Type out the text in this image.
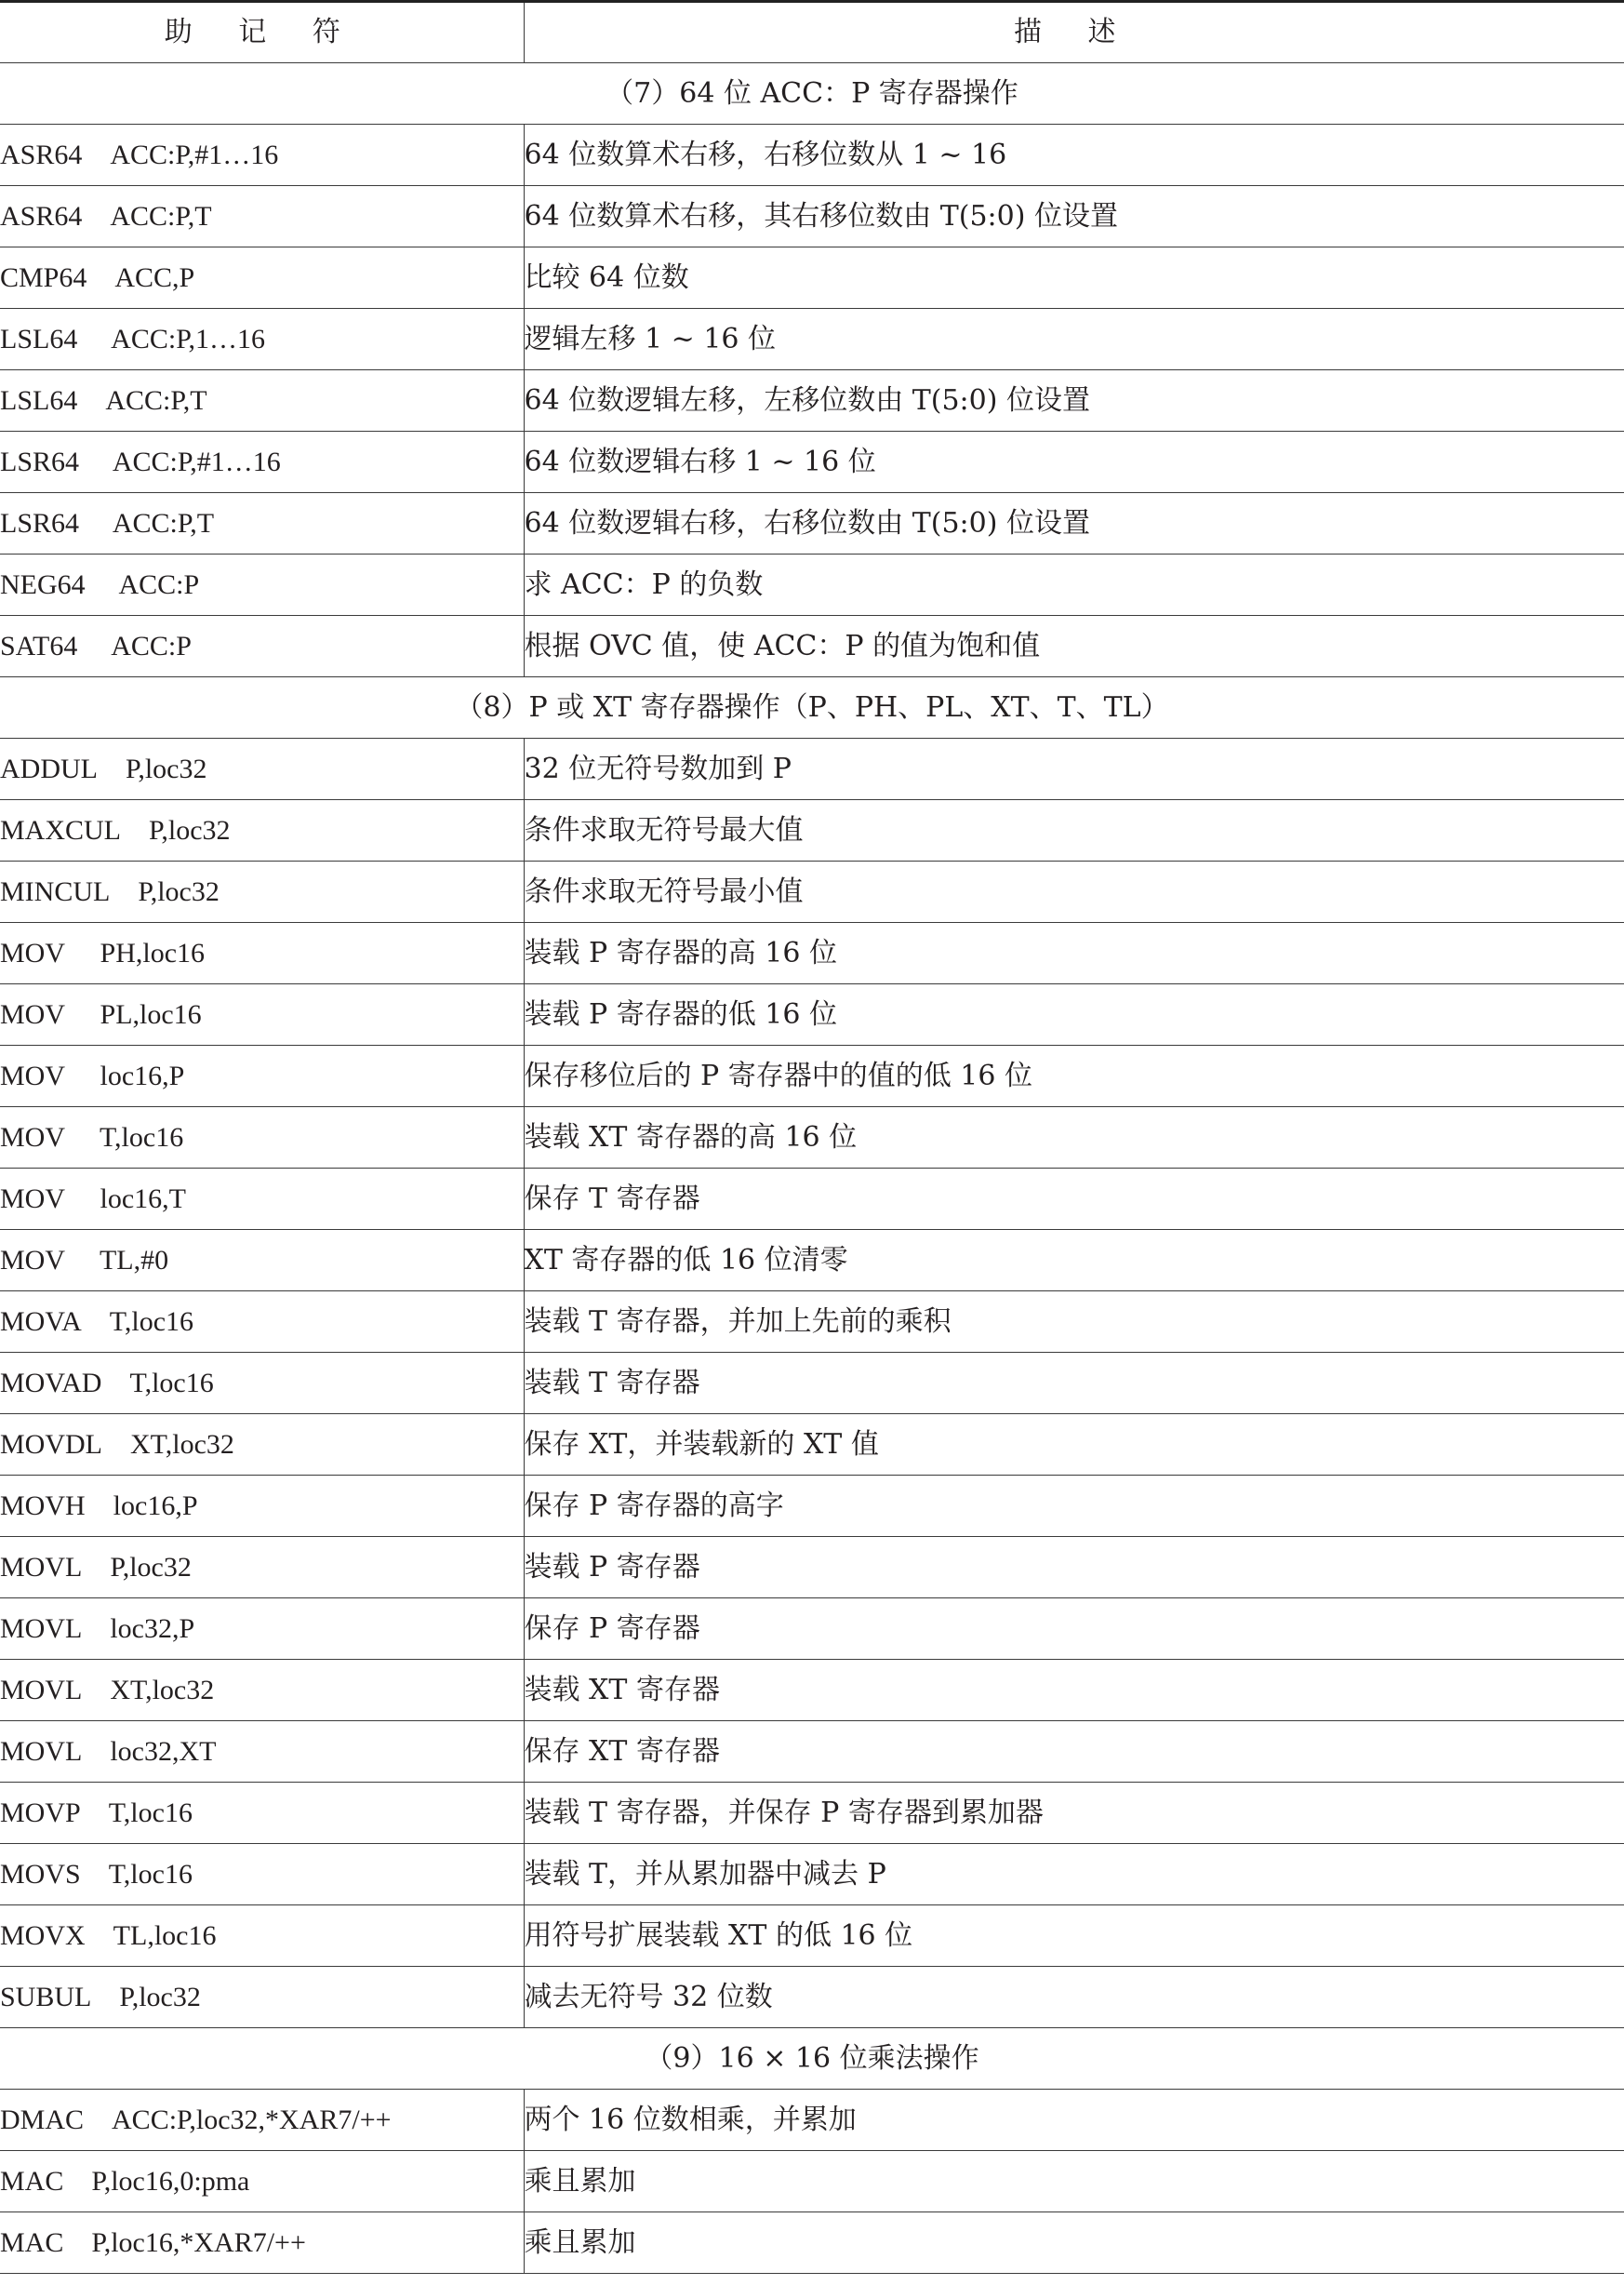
助 记 符	描 述
（7）64 位 ACC：P 寄存器操作	
ASR64 ACC:P,#1…16	64 位数算术右移，右移位数从 1 ~ 16
ASR64 ACC:P,T	64 位数算术右移，其右移位数由 T(5:0) 位设置
CMP64 ACC,P	比较 64 位数
LSL64  ACC:P,1…16	逻辑左移 1 ~ 16 位
LSL64 ACC:P,T	64 位数逻辑左移，左移位数由 T(5:0) 位设置
LSR64  ACC:P,#1…16	64 位数逻辑右移 1 ~ 16 位
LSR64  ACC:P,T	64 位数逻辑右移，右移位数由 T(5:0) 位设置
NEG64  ACC:P	求 ACC：P 的负数
SAT64  ACC:P	根据 OVC 值，使 ACC：P 的值为饱和值
（8）P 或 XT 寄存器操作（P、PH、PL、XT、T、TL）	
ADDUL P,loc32	32 位无符号数加到 P
MAXCUL P,loc32	条件求取无符号最大值
MINCUL P,loc32	条件求取无符号最小值
MOV  PH,loc16	装载 P 寄存器的高 16 位
MOV  PL,loc16	装载 P 寄存器的低 16 位
MOV  loc16,P	保存移位后的 P 寄存器中的值的低 16 位
MOV  T,loc16	装载 XT 寄存器的高 16 位
MOV  loc16,T	保存 T 寄存器
MOV  TL,#0	XT 寄存器的低 16 位清零
MOVA T,loc16	装载 T 寄存器，并加上先前的乘积
MOVAD T,loc16	装载 T 寄存器
MOVDL XT,loc32	保存 XT，并装载新的 XT 值
MOVH loc16,P	保存 P 寄存器的高字
MOVL P,loc32	装载 P 寄存器
MOVL loc32,P	保存 P 寄存器
MOVL XT,loc32	装载 XT 寄存器
MOVL loc32,XT	保存 XT 寄存器
MOVP T,loc16	装载 T 寄存器，并保存 P 寄存器到累加器
MOVS T,loc16	装载 T，并从累加器中减去 P
MOVX TL,loc16	用符号扩展装载 XT 的低 16 位
SUBUL P,loc32	减去无符号 32 位数
（9）16 × 16 位乘法操作	
DMAC ACC:P,loc32,*XAR7/++	两个 16 位数相乘，并累加
MAC P,loc16,0:pma	乘且累加
MAC P,loc16,*XAR7/++	乘且累加
